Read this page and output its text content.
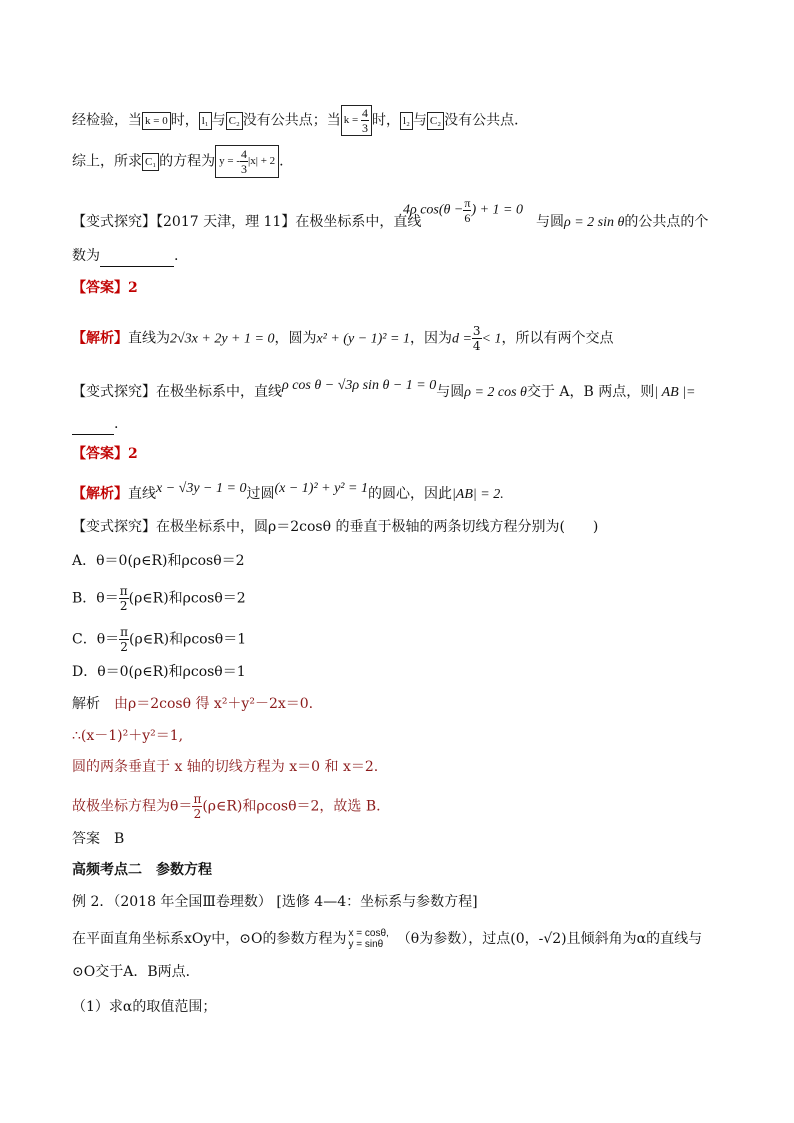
经检验，当 k = 0 时， l₁ 与 C₂ 没有公共点；当 $k = \frac{4}{3}$ 时， l₂ 与 C₂ 没有公共点．
综上，所求 C₁ 的方程为 y = - $\frac{4}{3} |x| + 2$ .
【变式探究】【2017 天津，理 11】在极坐标系中，直线
4ρ $\cos(\theta - \frac{\pi}{6}$ ) + 1 = 0
与圆ρ = 2 sin θ的公共点的个
数为	.
【答案】2
【解析】直线为2√3x + 2y + 1 = 0，圆为x² + (y − 1)² = 1，因为$d = \frac{3}{4} < 1$，所以有两个交点
【变式探究】在极坐标系中，直线ρ cos θ − √3ρ sin θ − 1 = 0与圆ρ = 2 cos θ交于 A，B 两点，则| AB |=
.
【答案】2
【解析】直线x − √3y − 1 = 0过圆(x − 1)² + y² = 1的圆心，因此|AB| = 2.
【变式探究】在极坐标系中，圆ρ＝2cosθ 的垂直于极轴的两条切线方程分别为(　　)
A．θ＝0(ρ∈R)和ρcosθ＝2
B．$\theta= \frac{\pi}{2}$ (ρ∈R)和ρcosθ＝2
C．$\theta= \frac{\pi}{2}$ (ρ∈R)和ρcosθ＝1
D．θ＝0(ρ∈R)和ρcosθ＝1
解析　 由ρ＝2cosθ 得 x²＋y²－2x＝0.
∴(x－1)²＋y²＝1,
圆的两条垂直于 x 轴的切线方程为 x＝0 和 x＝2.
故极坐标方程为$\theta= \frac{\pi}{2}$ (ρ∈R)和ρcosθ＝2，故选 B.
答案　B
高频考点二　参数方程
例 2．（2018 年全国Ⅲ卷理数） [选修 4—4：坐标系与参数方程]
在平面直角坐标系xOy中，⊙O的参数方程为 x = cosθ,
y = sinθ （θ为参数），过点(0，-√2)且倾斜角为α的直线与
⊙O交于A．B两点．
（1）求α的取值范围；
